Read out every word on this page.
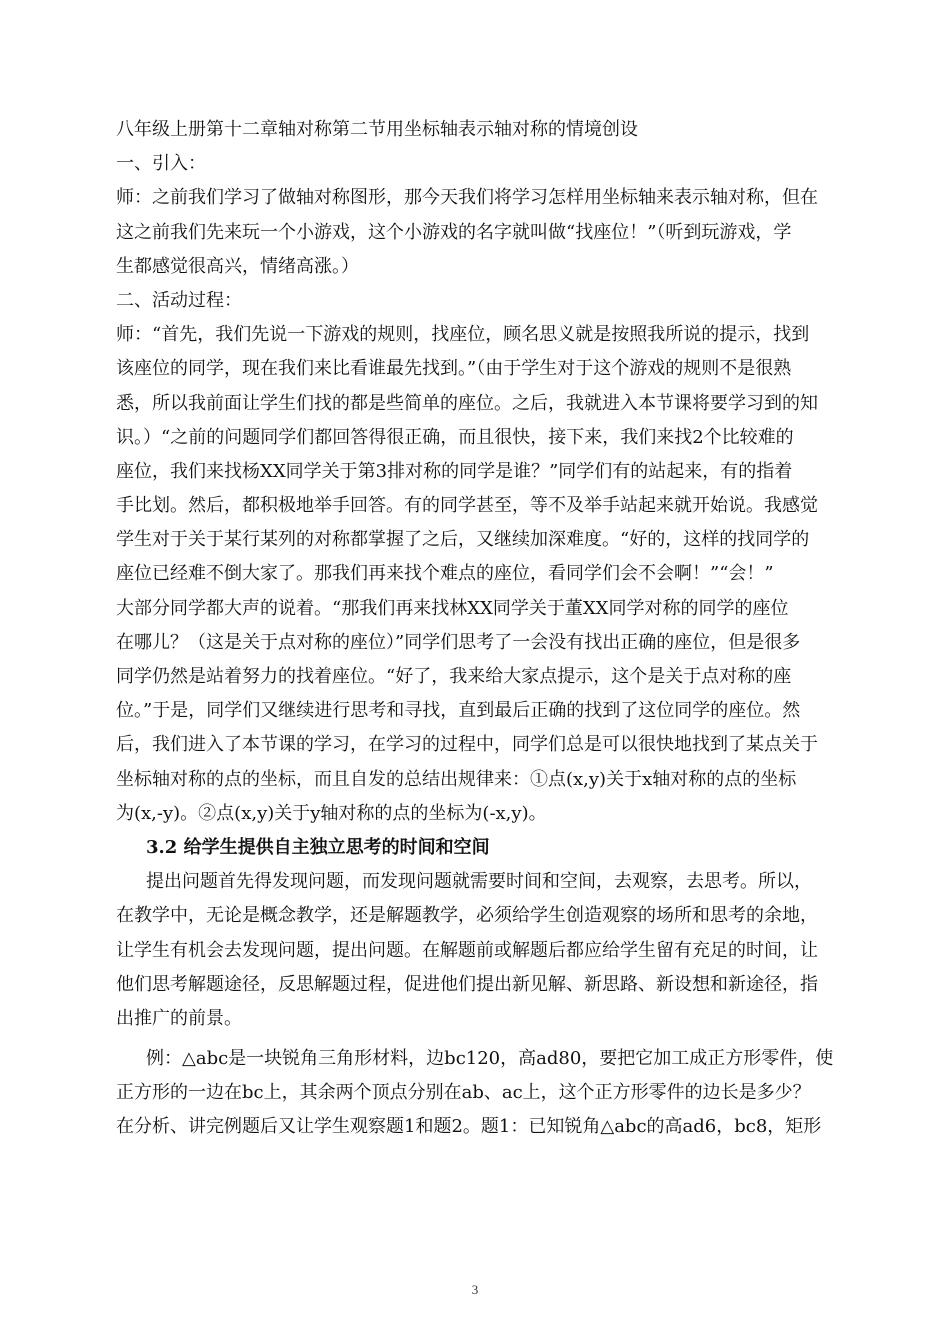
八年级上册第十二章轴对称第二节用坐标轴表示轴对称的情境创设
一、引入：
师：之前我们学习了做轴对称图形，那今天我们将学习怎样用坐标轴来表示轴对称，但在
这之前我们先来玩一个小游戏，这个小游戏的名字就叫做“找座位！”（听到玩游戏，学
生都感觉很高兴，情绪高涨。）
二、活动过程：
师：“首先，我们先说一下游戏的规则，找座位，顾名思义就是按照我所说的提示，找到
该座位的同学，现在我们来比看谁最先找到。”（由于学生对于这个游戏的规则不是很熟
悉，所以我前面让学生们找的都是些简单的座位。之后，我就进入本节课将要学习到的知
识。）“之前的问题同学们都回答得很正确，而且很快，接下来，我们来找2个比较难的
座位，我们来找杨XX同学关于第3排对称的同学是谁？”同学们有的站起来，有的指着
手比划。然后，都积极地举手回答。有的同学甚至，等不及举手站起来就开始说。我感觉
学生对于关于某行某列的对称都掌握了之后，又继续加深难度。“好的，这样的找同学的
座位已经难不倒大家了。那我们再来找个难点的座位，看同学们会不会啊！”“会！”
大部分同学都大声的说着。“那我们再来找林XX同学关于董XX同学对称的同学的座位
在哪儿？（这是关于点对称的座位）”同学们思考了一会没有找出正确的座位，但是很多
同学仍然是站着努力的找着座位。“好了，我来给大家点提示，这个是关于点对称的座
位。”于是，同学们又继续进行思考和寻找，直到最后正确的找到了这位同学的座位。然
后，我们进入了本节课的学习，在学习的过程中，同学们总是可以很快地找到了某点关于
坐标轴对称的点的坐标，而且自发的总结出规律来：①点(x,y)关于x轴对称的点的坐标
为(x,-y)。②点(x,y)关于y轴对称的点的坐标为(-x,y)。
3.2 给学生提供自主独立思考的时间和空间
提出问题首先得发现问题，而发现问题就需要时间和空间，去观察，去思考。所以，
在教学中，无论是概念教学，还是解题教学，必须给学生创造观察的场所和思考的余地，
让学生有机会去发现问题，提出问题。在解题前或解题后都应给学生留有充足的时间，让
他们思考解题途径，反思解题过程，促进他们提出新见解、新思路、新设想和新途径，指
出推广的前景。
例：△abc是一块锐角三角形材料，边bc120，高ad80，要把它加工成正方形零件，使
正方形的一边在bc上，其余两个顶点分别在ab、ac上，这个正方形零件的边长是多少？
在分析、讲完例题后又让学生观察题1和题2。题1：已知锐角△abc的高ad6，bc8，矩形
3
